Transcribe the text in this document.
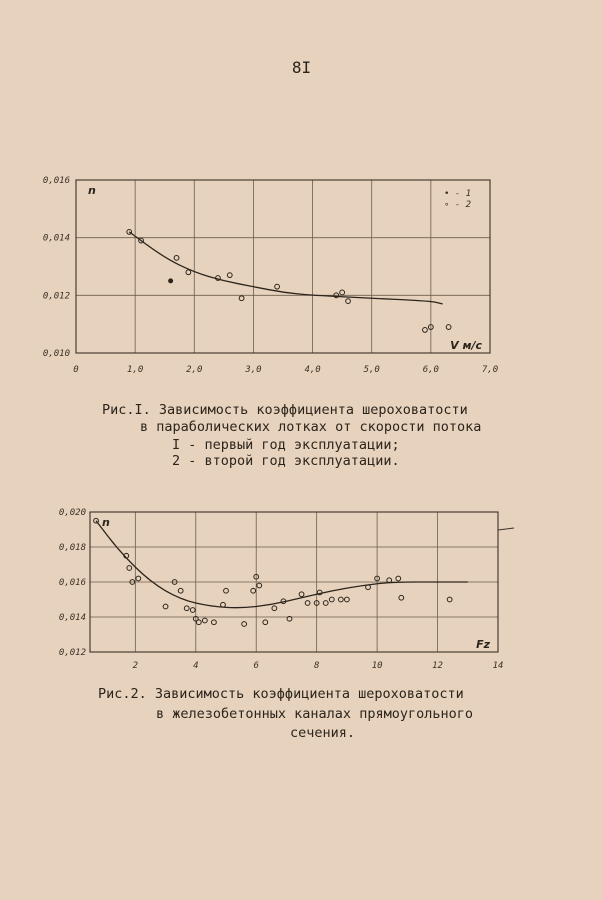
8I
0	1,0	2,0	3,0	4,0	5,0	6,0	7,0
0,010
0,012
0,014
0,016
n
V м/с
• - 1
∘ - 2
2	4	6	8	10	12	14
0,012
0,014
0,016
0,018
0,020
n
Fz
Рис.I. Зависимость коэффициента шероховатости
в параболических лотках от скорости потока
I - первый год эксплуатации;
2 - второй год эксплуатации.
Рис.2. Зависимость коэффициента шероховатости
в железобетонных каналах прямоугольного
сечения.
